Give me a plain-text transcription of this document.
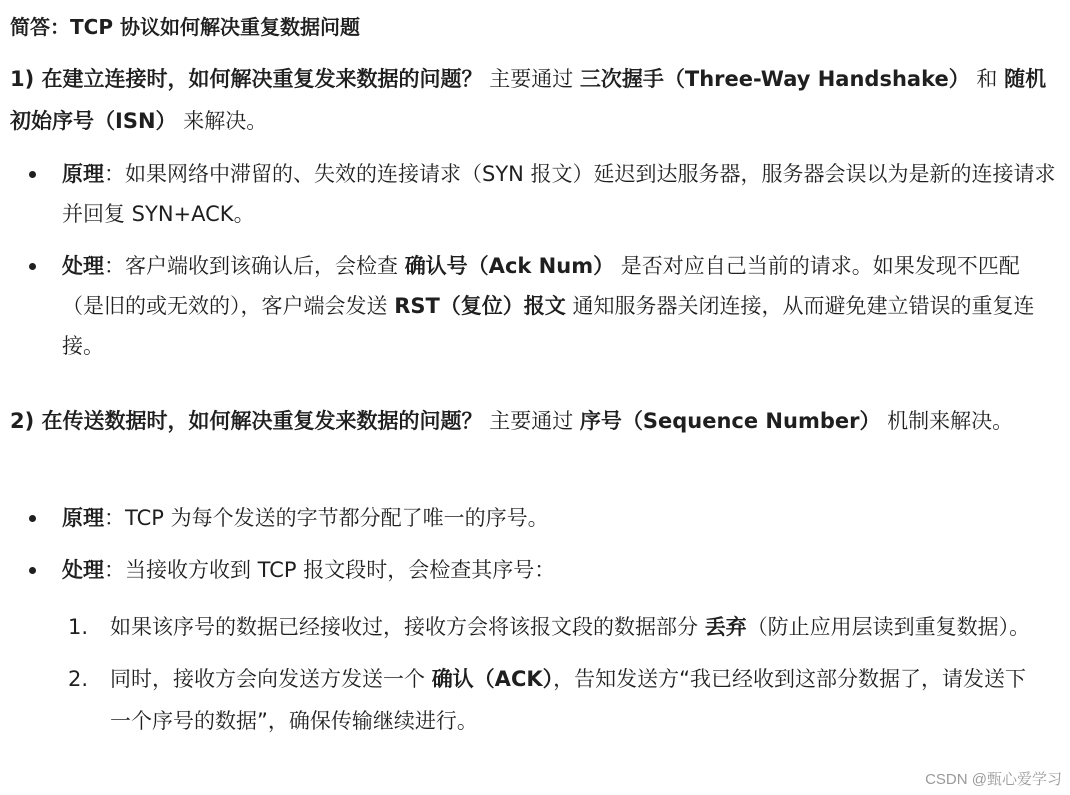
简答：TCP 协议如何解决重复数据问题
1) 在建立连接时，如何解决重复发来数据的问题？ 主要通过 三次握手（Three-Way Handshake） 和 随机初始序号（ISN） 来解决。
原理：如果网络中滞留的、失效的连接请求（SYN 报文）延迟到达服务器，服务器会误以为是新的连接请求并回复 SYN+ACK。
处理：客户端收到该确认后，会检查 确认号（Ack Num） 是否对应自己当前的请求。如果发现不匹配（是旧的或无效的），客户端会发送 RST（复位）报文 通知服务器关闭连接，从而避免建立错误的重复连接。
2) 在传送数据时，如何解决重复发来数据的问题？ 主要通过 序号（Sequence Number） 机制来解决。
原理：TCP 为每个发送的字节都分配了唯一的序号。
处理：当接收方收到 TCP 报文段时，会检查其序号：
1. 如果该序号的数据已经接收过，接收方会将该报文段的数据部分 丢弃（防止应用层读到重复数据）。
2. 同时，接收方会向发送方发送一个 确认（ACK），告知发送方“我已经收到这部分数据了，请发送下一个序号的数据”，确保传输继续进行。
CSDN @甄心爱学习
